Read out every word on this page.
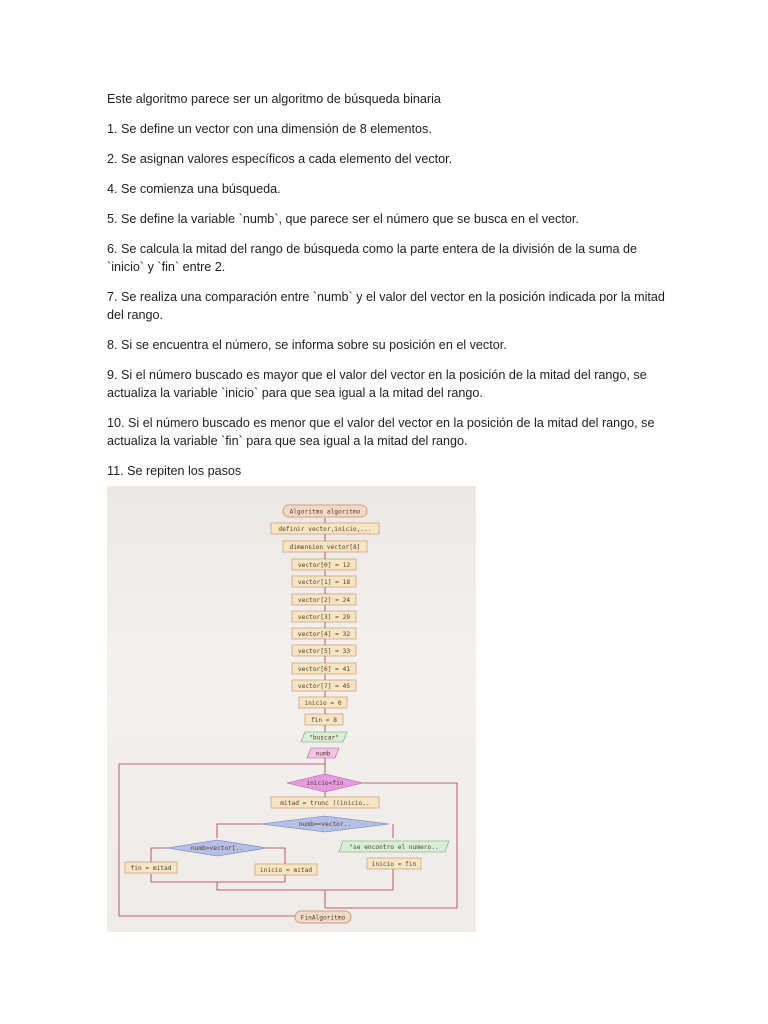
Este algoritmo parece ser un algoritmo de búsqueda binaria

1. Se define un vector con una dimensión de 8 elementos.

2. Se asignan valores específicos a cada elemento del vector.

4. Se comienza una búsqueda.

5. Se define la variable `numb`, que parece ser el número que se busca en el vector.

6. Se calcula la mitad del rango de búsqueda como la parte entera de la división de la suma de `inicio` y `fin` entre 2.

7. Se realiza una comparación entre `numb` y el valor del vector en la posición indicada por la mitad del rango.

8. Si se encuentra el número, se informa sobre su posición en el vector.

9. Si el número buscado es mayor que el valor del vector en la posición de la mitad del rango, se actualiza la variable `inicio` para que sea igual a la mitad del rango.

10. Si el número buscado es menor que el valor del vector en la posición de la mitad del rango, se actualiza la variable `fin` para que sea igual a la mitad del rango.

11. Se repiten los pasos

Algoritmo algoritmo
definir vector,inicio,...
dimension vector[8]
vector[0] = 12
vector[1] = 18
vector[2] = 24
vector[3] = 29
vector[4] = 32
vector[5] = 33
vector[6] = 41
vector[7] = 45
inicio = 0
fin = 8
"buscar"
numb
inicio<fin
mitad = trunc ((inicio..
numb==vector..
numb>vector[..
fin = mitad	inicio = mitad
"se encontro el numero..
inicio = fin
FinAlgoritmo
